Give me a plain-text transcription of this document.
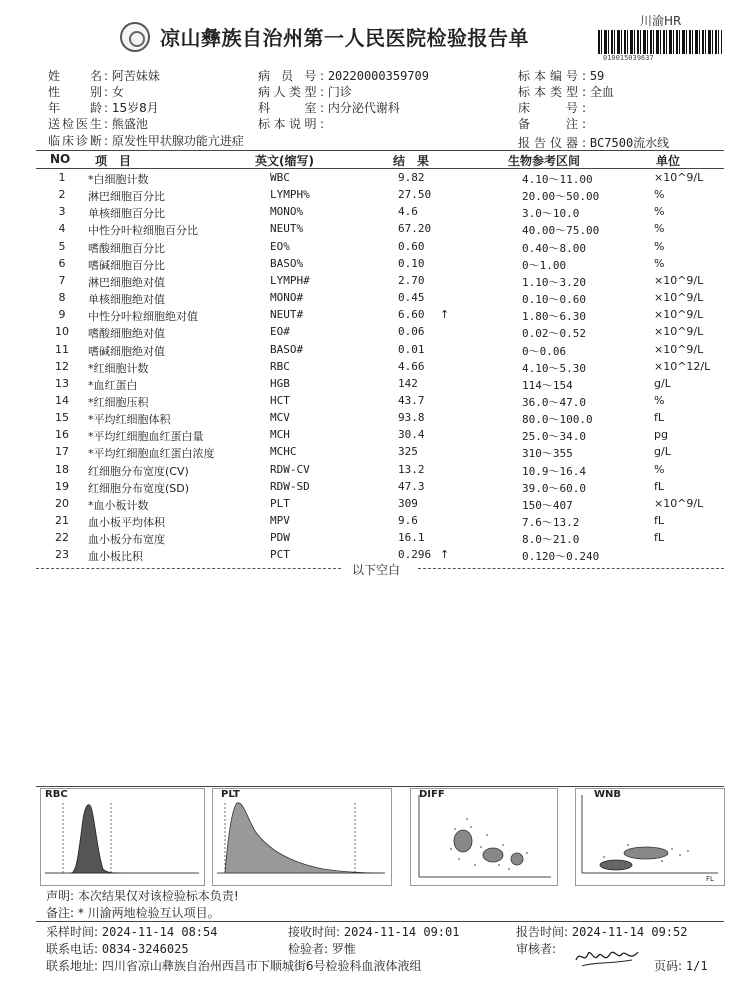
凉山彝族自治州第一人民医院检验报告单
川渝HR
010015039637
姓　　名: 阿苦妹妹
性　　别: 女
年　　龄: 15岁8月
送检医生: 熊盛池
临床诊断: 原发性甲状腺功能亢进症
病 员 号: 20220000359709
病人类型: 门诊
科　　室: 内分泌代谢科
标本说明:
标本编号: 59
标本类型: 全血
床　　号:
备　　注:
报告仪器: BC7500流水线
NO 项　目	英文(缩写)	结　果	生物参考区间	单位
1	*白细胞计数	WBC	9.82	4.10～11.00	×10^9/L
2	淋巴细胞百分比	LYMPH%	27.50	20.00～50.00	%
3	单核细胞百分比	MONO%	4.6	3.0～10.0	%
4	中性分叶粒细胞百分比	NEUT%	67.20	40.00～75.00	%
5	嗜酸细胞百分比	EO%	0.60	0.40～8.00	%
6	嗜碱细胞百分比	BASO%	0.10	0～1.00	%
7	淋巴细胞绝对值	LYMPH#	2.70	1.10～3.20	×10^9/L
8	单核细胞绝对值	MONO#	0.45	0.10～0.60	×10^9/L
9	中性分叶粒细胞绝对值	NEUT#	6.60 ↑	1.80～6.30	×10^9/L
10	嗜酸细胞绝对值	EO#	0.06	0.02～0.52	×10^9/L
11	嗜碱细胞绝对值	BASO#	0.01	0～0.06	×10^9/L
12	*红细胞计数	RBC	4.66	4.10～5.30	×10^12/L
13	*血红蛋白	HGB	142	114～154	g/L
14	*红细胞压积	HCT	43.7	36.0～47.0	%
15	*平均红细胞体积	MCV	93.8	80.0～100.0	fL
16	*平均红细胞血红蛋白量	MCH	30.4	25.0～34.0	pg
17	*平均红细胞血红蛋白浓度	MCHC	325	310～355	g/L
18	红细胞分布宽度(CV)	RDW-CV	13.2	10.9～16.4	%
19	红细胞分布宽度(SD)	RDW-SD	47.3	39.0～60.0	fL
20	*血小板计数	PLT	309	150～407	×10^9/L
21	血小板平均体积	MPV	9.6	7.6～13.2	fL
22	血小板分布宽度	PDW	16.1	8.0～21.0	fL
23	血小板比积	PCT	0.296 ↑	0.120～0.240
以下空白
RBC	PLT	DIFF	WNB
FL
声明: 本次结果仅对该检验标本负责!
备注: * 川渝两地检验互认项目。
采样时间: 2024-11-14 08:54	接收时间: 2024-11-14 09:01	报告时间: 2024-11-14 09:52
联系电话: 0834-3246025	检验者: 罗惟	审核者:
联系地址: 四川省凉山彝族自治州西昌市下顺城街6号检验科血液体液组	页码: 1/1
